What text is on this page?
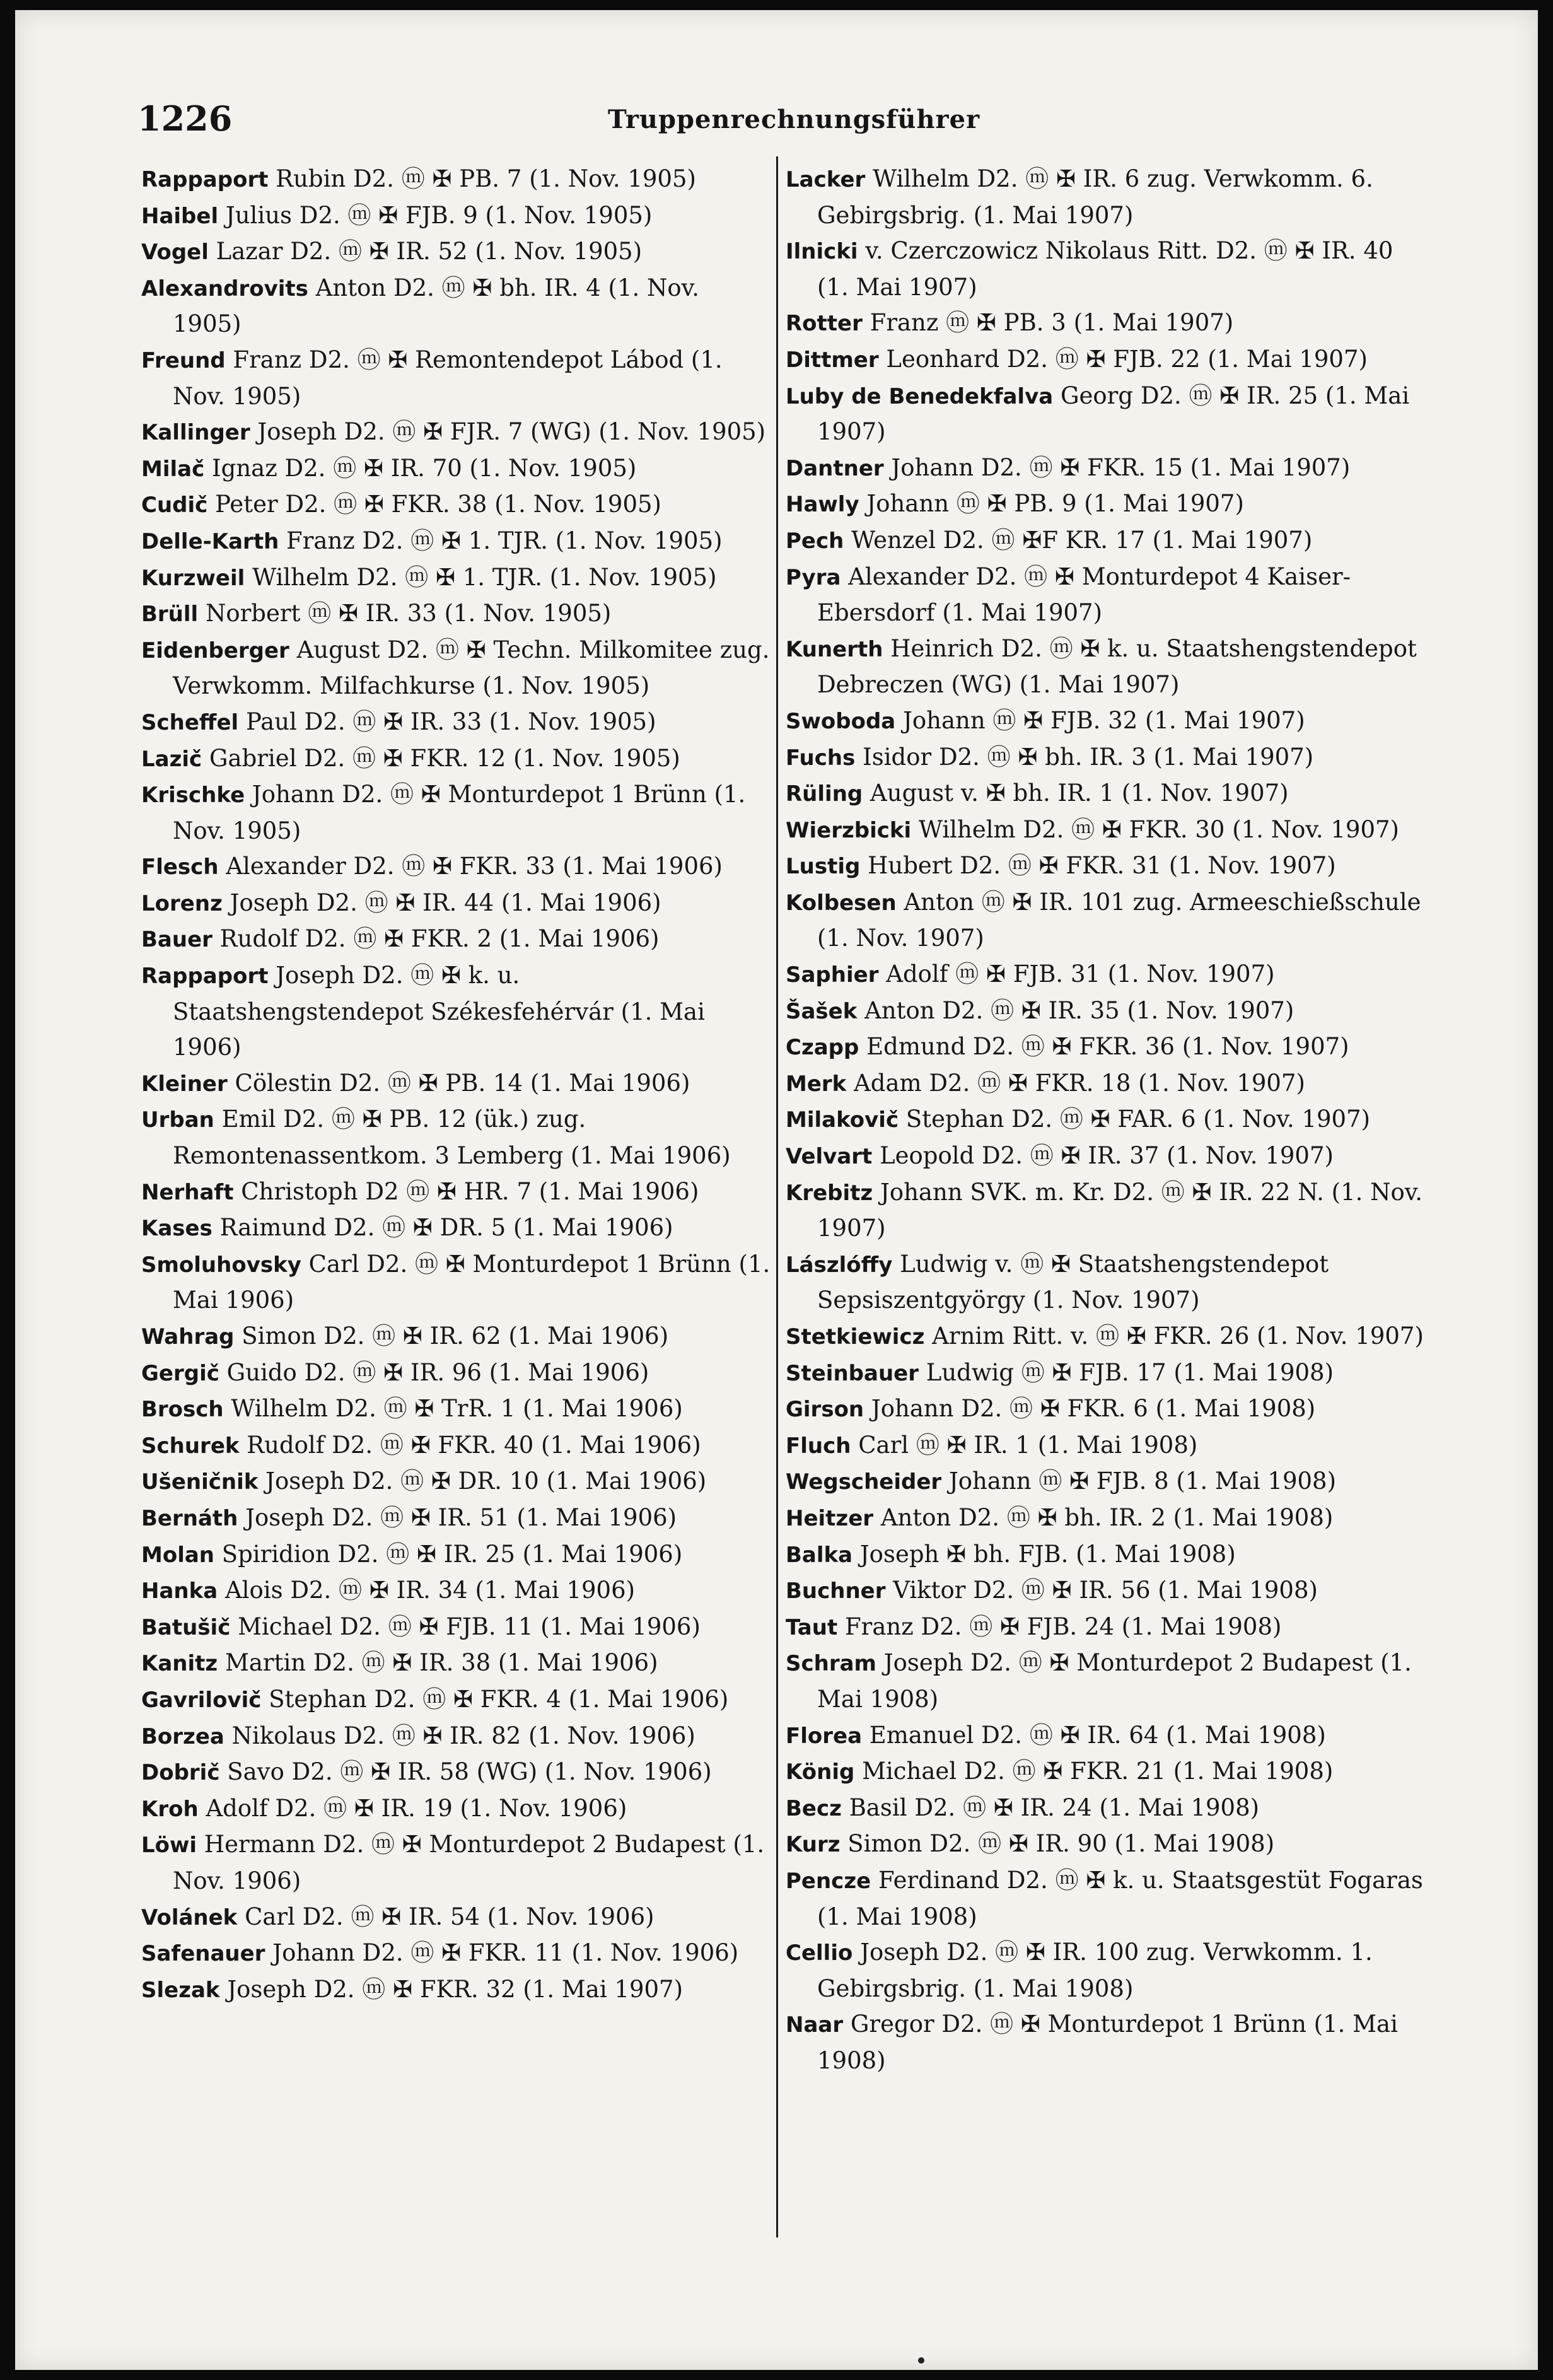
1226	Truppenrechnungsführer

Rappaport Rubin D2. ⓜ ✠ PB. 7 (1. Nov. 1905)

Haibel Julius D2. ⓜ ✠ FJB. 9 (1. Nov. 1905)

Vogel Lazar D2. ⓜ ✠ IR. 52 (1. Nov. 1905)

Alexandrovits Anton D2. ⓜ ✠ bh. IR. 4 (1. Nov. 1905)

Freund Franz D2. ⓜ ✠ Remontendepot Lábod (1. Nov. 1905)

Kallinger Joseph D2. ⓜ ✠ FJR. 7 (WG) (1. Nov. 1905)

Milač Ignaz D2. ⓜ ✠ IR. 70 (1. Nov. 1905)

Cudič Peter D2. ⓜ ✠ FKR. 38 (1. Nov. 1905)

Delle-Karth Franz D2. ⓜ ✠ 1. TJR. (1. Nov. 1905)

Kurzweil Wilhelm D2. ⓜ ✠ 1. TJR. (1. Nov. 1905)

Brüll Norbert ⓜ ✠ IR. 33 (1. Nov. 1905)

Eidenberger August D2. ⓜ ✠ Techn. Milkomitee zug. Verwkomm. Milfachkurse (1. Nov. 1905)

Scheffel Paul D2. ⓜ ✠ IR. 33 (1. Nov. 1905)

Lazič Gabriel D2. ⓜ ✠ FKR. 12 (1. Nov. 1905)

Krischke Johann D2. ⓜ ✠ Monturdepot 1 Brünn (1. Nov. 1905)

Flesch Alexander D2. ⓜ ✠ FKR. 33 (1. Mai 1906)

Lorenz Joseph D2. ⓜ ✠ IR. 44 (1. Mai 1906)

Bauer Rudolf D2. ⓜ ✠ FKR. 2 (1. Mai 1906)

Rappaport Joseph D2. ⓜ ✠ k. u. Staatshengstendepot Székesfehérvár (1. Mai 1906)

Kleiner Cölestin D2. ⓜ ✠ PB. 14 (1. Mai 1906)

Urban Emil D2. ⓜ ✠ PB. 12 (ük.) zug. Remontenassentkom. 3 Lemberg (1. Mai 1906)

Nerhaft Christoph D2 ⓜ ✠ HR. 7 (1. Mai 1906)

Kases Raimund D2. ⓜ ✠ DR. 5 (1. Mai 1906)

Smoluhovsky Carl D2. ⓜ ✠ Monturdepot 1 Brünn (1. Mai 1906)

Wahrag Simon D2. ⓜ ✠ IR. 62 (1. Mai 1906)

Gergič Guido D2. ⓜ ✠ IR. 96 (1. Mai 1906)

Brosch Wilhelm D2. ⓜ ✠ TrR. 1 (1. Mai 1906)

Schurek Rudolf D2. ⓜ ✠ FKR. 40 (1. Mai 1906)

Ušeničnik Joseph D2. ⓜ ✠ DR. 10 (1. Mai 1906)

Bernáth Joseph D2. ⓜ ✠ IR. 51 (1. Mai 1906)

Molan Spiridion D2. ⓜ ✠ IR. 25 (1. Mai 1906)

Hanka Alois D2. ⓜ ✠ IR. 34 (1. Mai 1906)

Batušič Michael D2. ⓜ ✠ FJB. 11 (1. Mai 1906)

Kanitz Martin D2. ⓜ ✠ IR. 38 (1. Mai 1906)

Gavrilovič Stephan D2. ⓜ ✠ FKR. 4 (1. Mai 1906)

Borzea Nikolaus D2. ⓜ ✠ IR. 82 (1. Nov. 1906)

Dobrič Savo D2. ⓜ ✠ IR. 58 (WG) (1. Nov. 1906)

Kroh Adolf D2. ⓜ ✠ IR. 19 (1. Nov. 1906)

Löwi Hermann D2. ⓜ ✠ Monturdepot 2 Budapest (1. Nov. 1906)

Volánek Carl D2. ⓜ ✠ IR. 54 (1. Nov. 1906)

Safenauer Johann D2. ⓜ ✠ FKR. 11 (1. Nov. 1906)

Slezak Joseph D2. ⓜ ✠ FKR. 32 (1. Mai 1907)

Lacker Wilhelm D2. ⓜ ✠ IR. 6 zug. Verwkomm. 6. Gebirgsbrig. (1. Mai 1907)

Ilnicki v. Czerczowicz Nikolaus Ritt. D2. ⓜ ✠ IR. 40 (1. Mai 1907)

Rotter Franz ⓜ ✠ PB. 3 (1. Mai 1907)

Dittmer Leonhard D2. ⓜ ✠ FJB. 22 (1. Mai 1907)

Luby de Benedekfalva Georg D2. ⓜ ✠ IR. 25 (1. Mai 1907)

Dantner Johann D2. ⓜ ✠ FKR. 15 (1. Mai 1907)

Hawly Johann ⓜ ✠ PB. 9 (1. Mai 1907)

Pech Wenzel D2. ⓜ ✠F KR. 17 (1. Mai 1907)

Pyra Alexander D2. ⓜ ✠ Monturdepot 4 Kaiser-Ebersdorf (1. Mai 1907)

Kunerth Heinrich D2. ⓜ ✠ k. u. Staatshengstendepot Debreczen (WG) (1. Mai 1907)

Swoboda Johann ⓜ ✠ FJB. 32 (1. Mai 1907)

Fuchs Isidor D2. ⓜ ✠ bh. IR. 3 (1. Mai 1907)

Rüling August v. ✠ bh. IR. 1 (1. Nov. 1907)

Wierzbicki Wilhelm D2. ⓜ ✠ FKR. 30 (1. Nov. 1907)

Lustig Hubert D2. ⓜ ✠ FKR. 31 (1. Nov. 1907)

Kolbesen Anton ⓜ ✠ IR. 101 zug. Armeeschießschule (1. Nov. 1907)

Saphier Adolf ⓜ ✠ FJB. 31 (1. Nov. 1907)

Šašek Anton D2. ⓜ ✠ IR. 35 (1. Nov. 1907)

Czapp Edmund D2. ⓜ ✠ FKR. 36 (1. Nov. 1907)

Merk Adam D2. ⓜ ✠ FKR. 18 (1. Nov. 1907)

Milakovič Stephan D2. ⓜ ✠ FAR. 6 (1. Nov. 1907)

Velvart Leopold D2. ⓜ ✠ IR. 37 (1. Nov. 1907)

Krebitz Johann SVK. m. Kr. D2. ⓜ ✠ IR. 22 N. (1. Nov. 1907)

Lászlóffy Ludwig v. ⓜ ✠ Staatshengstendepot Sepsiszentgyörgy (1. Nov. 1907)

Stetkiewicz Arnim Ritt. v. ⓜ ✠ FKR. 26 (1. Nov. 1907)

Steinbauer Ludwig ⓜ ✠ FJB. 17 (1. Mai 1908)

Girson Johann D2. ⓜ ✠ FKR. 6 (1. Mai 1908)

Fluch Carl ⓜ ✠ IR. 1 (1. Mai 1908)

Wegscheider Johann ⓜ ✠ FJB. 8 (1. Mai 1908)

Heitzer Anton D2. ⓜ ✠ bh. IR. 2 (1. Mai 1908)

Balka Joseph ✠ bh. FJB. (1. Mai 1908)

Buchner Viktor D2. ⓜ ✠ IR. 56 (1. Mai 1908)

Taut Franz D2. ⓜ ✠ FJB. 24 (1. Mai 1908)

Schram Joseph D2. ⓜ ✠ Monturdepot 2 Budapest (1. Mai 1908)

Florea Emanuel D2. ⓜ ✠ IR. 64 (1. Mai 1908)

König Michael D2. ⓜ ✠ FKR. 21 (1. Mai 1908)

Becz Basil D2. ⓜ ✠ IR. 24 (1. Mai 1908)

Kurz Simon D2. ⓜ ✠ IR. 90 (1. Mai 1908)

Pencze Ferdinand D2. ⓜ ✠ k. u. Staatsgestüt Fogaras (1. Mai 1908)

Cellio Joseph D2. ⓜ ✠ IR. 100 zug. Verwkomm. 1. Gebirgsbrig. (1. Mai 1908)

Naar Gregor D2. ⓜ ✠ Monturdepot 1 Brünn (1. Mai 1908)
